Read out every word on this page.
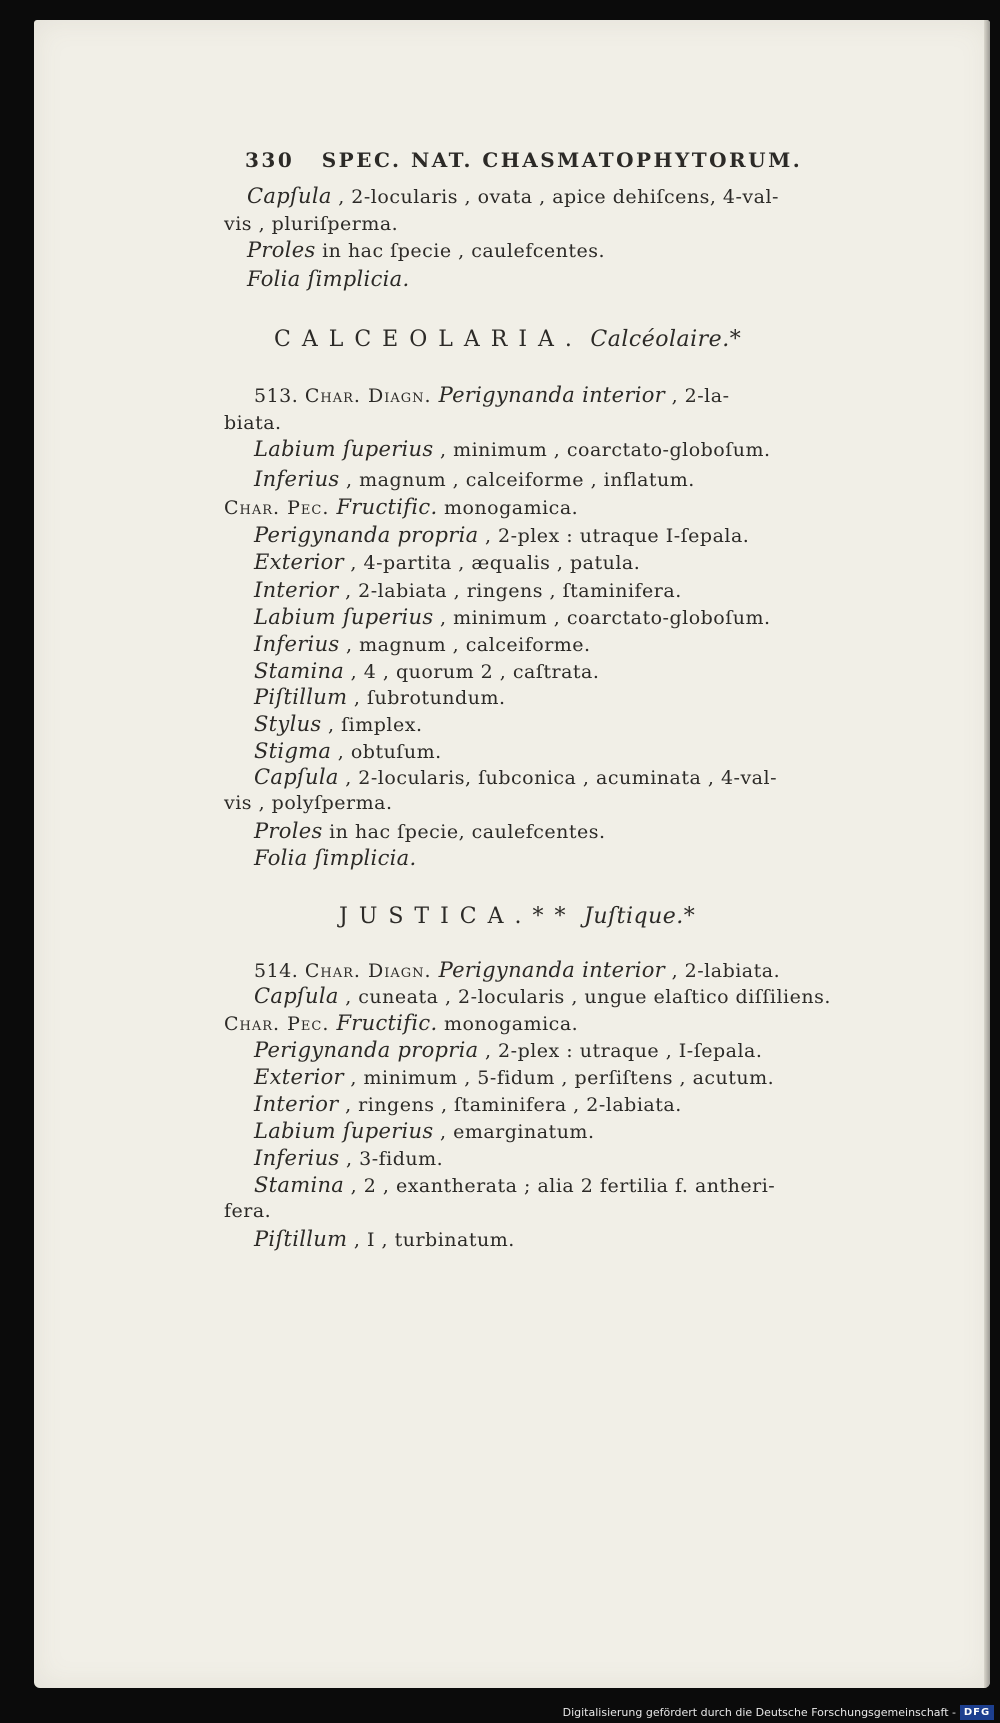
330 SPEC. NAT. CHASMATOPHYTORUM.
Capſula , 2-locularis , ovata , apice dehiſcens, 4-val-
vis , pluriſperma.
Proles in hac ſpecie , caulefcentes.
Folia ſimplicia.
CALCEOLARIA. Calcéolaire.*
513. Char. Diagn. Perigynanda interior , 2-la-
biata.
Labium ſuperius , minimum , coarctato-globoſum.
Inferius , magnum , calceiforme , inflatum.
Char. Pec. Fructific. monogamica.
Perigynanda propria , 2-plex : utraque I-ſepala.
Exterior , 4-partita , æqualis , patula.
Interior , 2-labiata , ringens , ſtaminifera.
Labium ſuperius , minimum , coarctato-globoſum.
Inferius , magnum , calceiforme.
Stamina , 4 , quorum 2 , caſtrata.
Piſtillum , ſubrotundum.
Stylus , ſimplex.
Stigma , obtuſum.
Capſula , 2-locularis, ſubconica , acuminata , 4-val-
vis , polyſperma.
Proles in hac ſpecie, caulefcentes.
Folia ſimplicia.
JUSTICA.** Juſtique.*
514. Char. Diagn. Perigynanda interior , 2-labiata.
Capſula , cuneata , 2-locularis , ungue elaſtico diſſiliens.
Char. Pec. Fructific. monogamica.
Perigynanda propria , 2-plex : utraque , I-ſepala.
Exterior , minimum , 5-fidum , perſiſtens , acutum.
Interior , ringens , ſtaminifera , 2-labiata.
Labium ſuperius , emarginatum.
Inferius , 3-fidum.
Stamina , 2 , exantherata ; alia 2 fertilia f. antheri-
fera.
Piſtillum , I , turbinatum.
Digitalisierung gefördert durch die Deutsche Forschungsgemeinschaft - DFG
